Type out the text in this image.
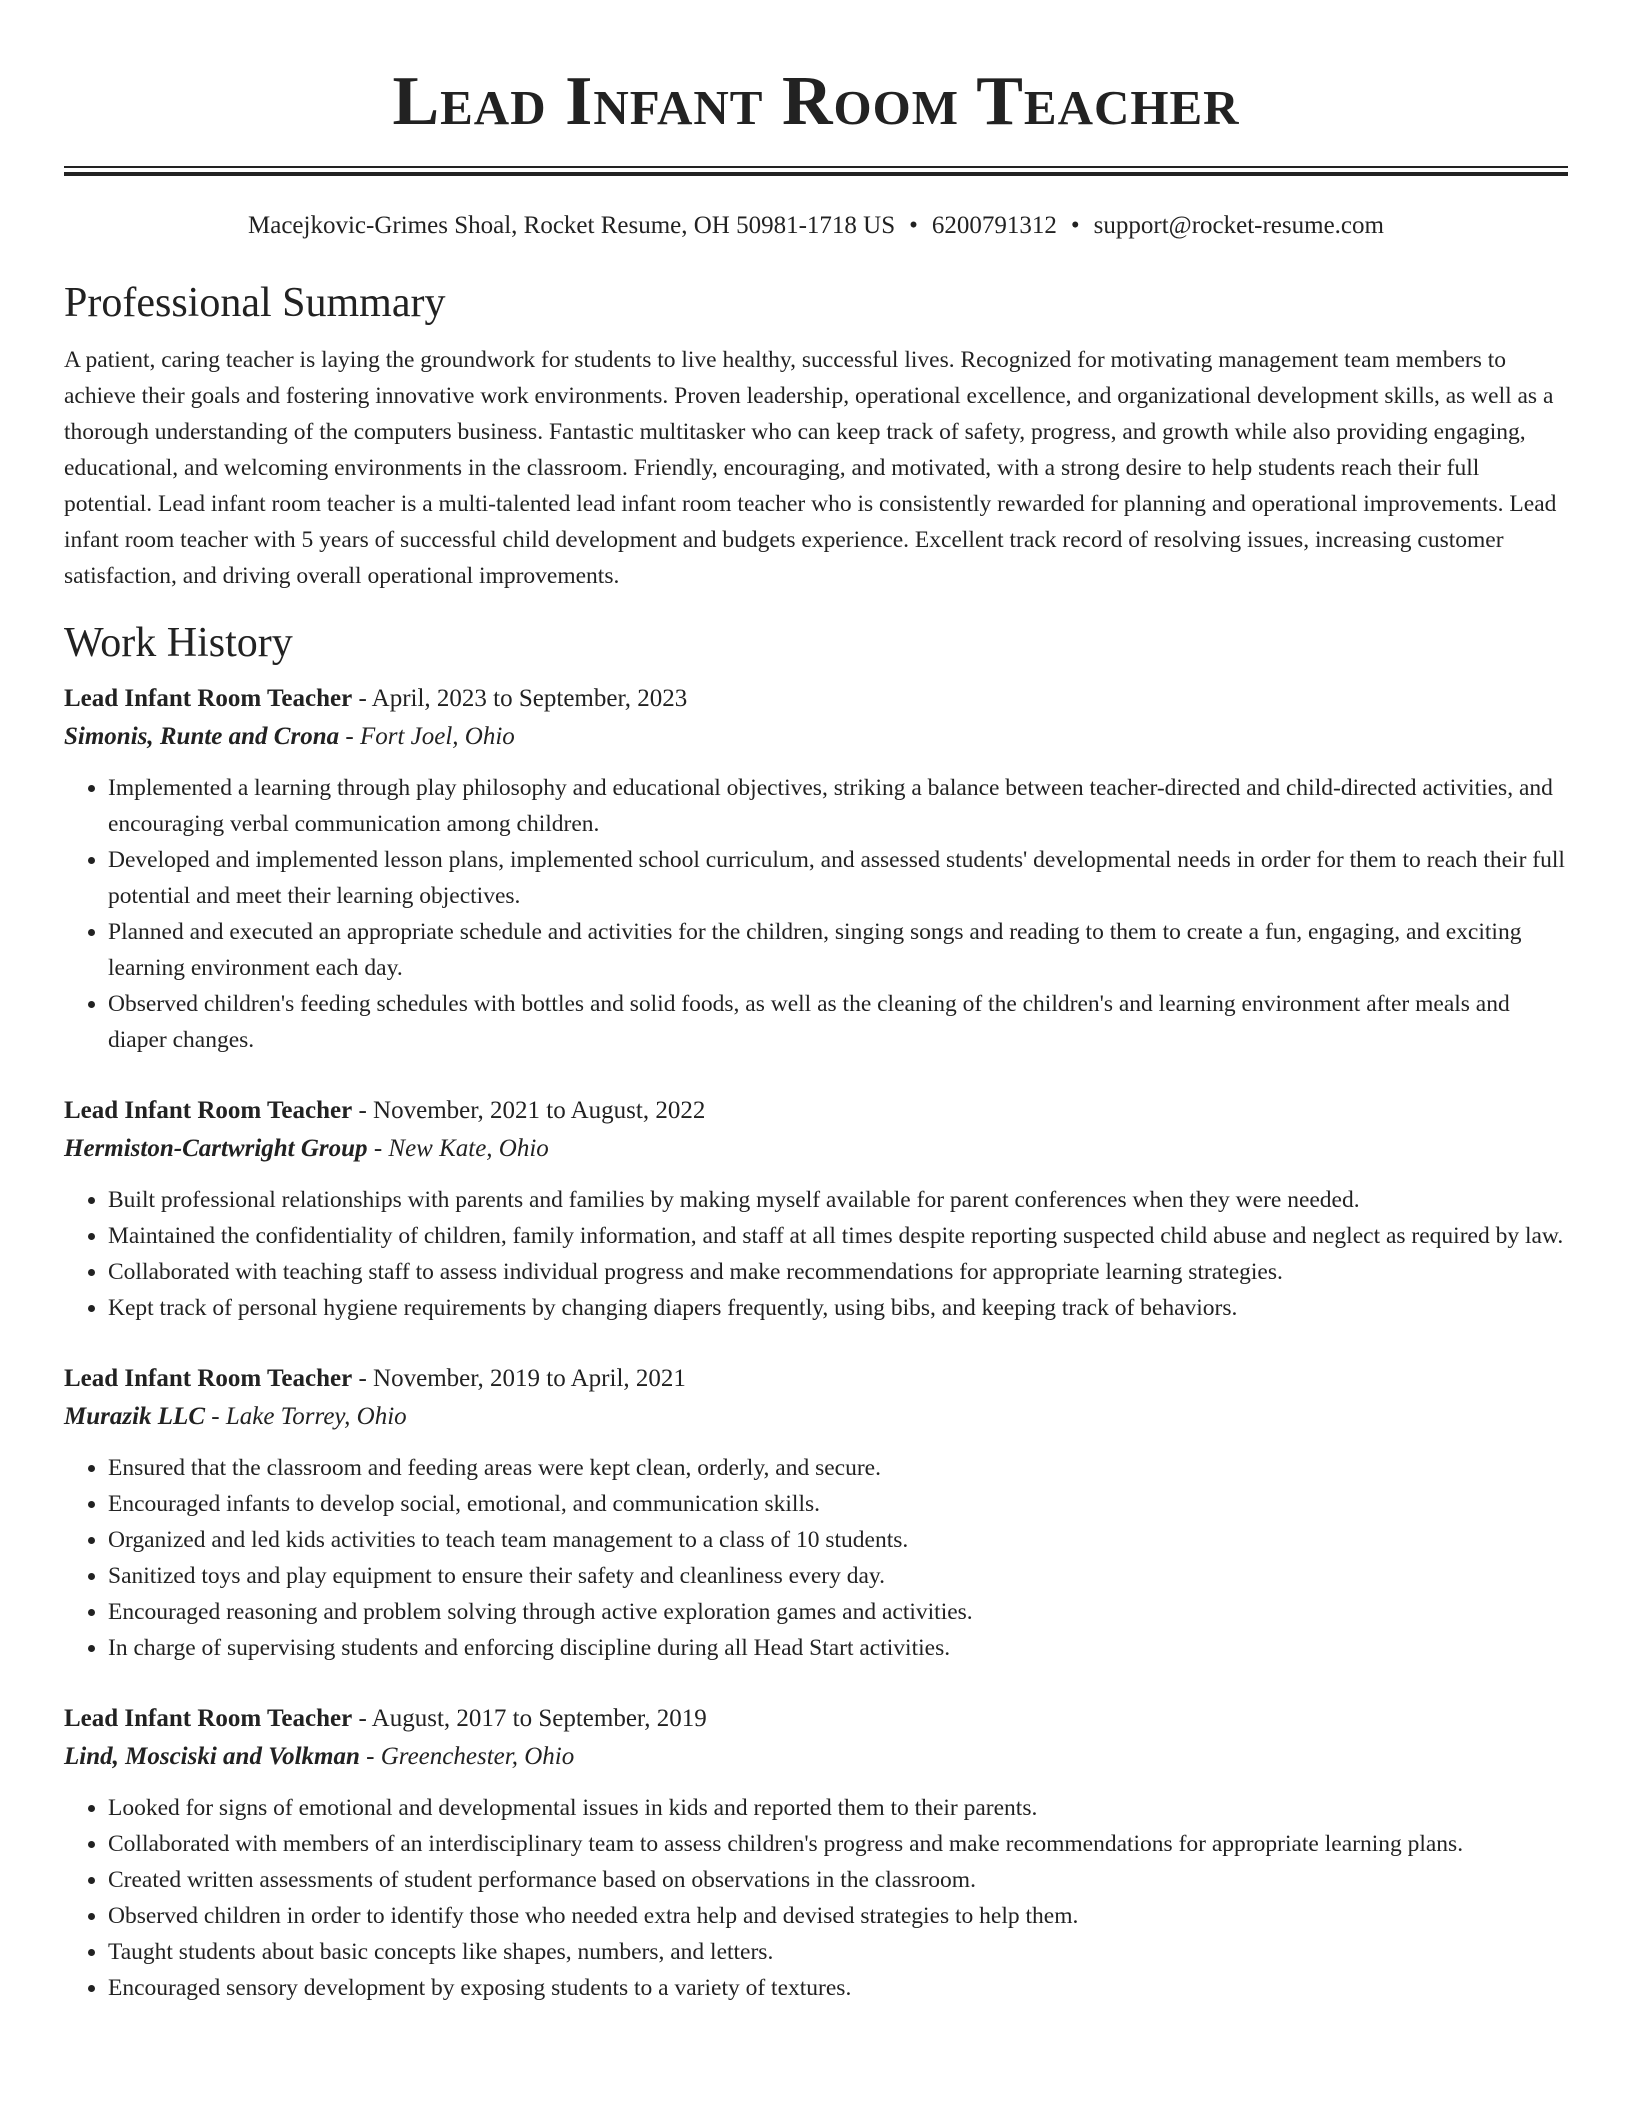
Lead Infant Room Teacher
Macejkovic-Grimes Shoal, Rocket Resume, OH 50981-1718 US • 6200791312 • support@rocket-resume.com
Professional Summary
A patient, caring teacher is laying the groundwork for students to live healthy, successful lives. Recognized for motivating management team members to achieve their goals and fostering innovative work environments. Proven leadership, operational excellence, and organizational development skills, as well as a thorough understanding of the computers business. Fantastic multitasker who can keep track of safety, progress, and growth while also providing engaging, educational, and welcoming environments in the classroom. Friendly, encouraging, and motivated, with a strong desire to help students reach their full potential. Lead infant room teacher is a multi-talented lead infant room teacher who is consistently rewarded for planning and operational improvements. Lead infant room teacher with 5 years of successful child development and budgets experience. Excellent track record of resolving issues, increasing customer satisfaction, and driving overall operational improvements.
Work History
Lead Infant Room Teacher - April, 2023 to September, 2023
Simonis, Runte and Crona - Fort Joel, Ohio
• Implemented a learning through play philosophy and educational objectives, striking a balance between teacher-directed and child-directed activities, and encouraging verbal communication among children.
• Developed and implemented lesson plans, implemented school curriculum, and assessed students' developmental needs in order for them to reach their full potential and meet their learning objectives.
• Planned and executed an appropriate schedule and activities for the children, singing songs and reading to them to create a fun, engaging, and exciting learning environment each day.
• Observed children's feeding schedules with bottles and solid foods, as well as the cleaning of the children's and learning environment after meals and diaper changes.
Lead Infant Room Teacher - November, 2021 to August, 2022
Hermiston-Cartwright Group - New Kate, Ohio
• Built professional relationships with parents and families by making myself available for parent conferences when they were needed.
• Maintained the confidentiality of children, family information, and staff at all times despite reporting suspected child abuse and neglect as required by law.
• Collaborated with teaching staff to assess individual progress and make recommendations for appropriate learning strategies.
• Kept track of personal hygiene requirements by changing diapers frequently, using bibs, and keeping track of behaviors.
Lead Infant Room Teacher - November, 2019 to April, 2021
Murazik LLC - Lake Torrey, Ohio
• Ensured that the classroom and feeding areas were kept clean, orderly, and secure.
• Encouraged infants to develop social, emotional, and communication skills.
• Organized and led kids activities to teach team management to a class of 10 students.
• Sanitized toys and play equipment to ensure their safety and cleanliness every day.
• Encouraged reasoning and problem solving through active exploration games and activities.
• In charge of supervising students and enforcing discipline during all Head Start activities.
Lead Infant Room Teacher - August, 2017 to September, 2019
Lind, Mosciski and Volkman - Greenchester, Ohio
• Looked for signs of emotional and developmental issues in kids and reported them to their parents.
• Collaborated with members of an interdisciplinary team to assess children's progress and make recommendations for appropriate learning plans.
• Created written assessments of student performance based on observations in the classroom.
• Observed children in order to identify those who needed extra help and devised strategies to help them.
• Taught students about basic concepts like shapes, numbers, and letters.
• Encouraged sensory development by exposing students to a variety of textures.
